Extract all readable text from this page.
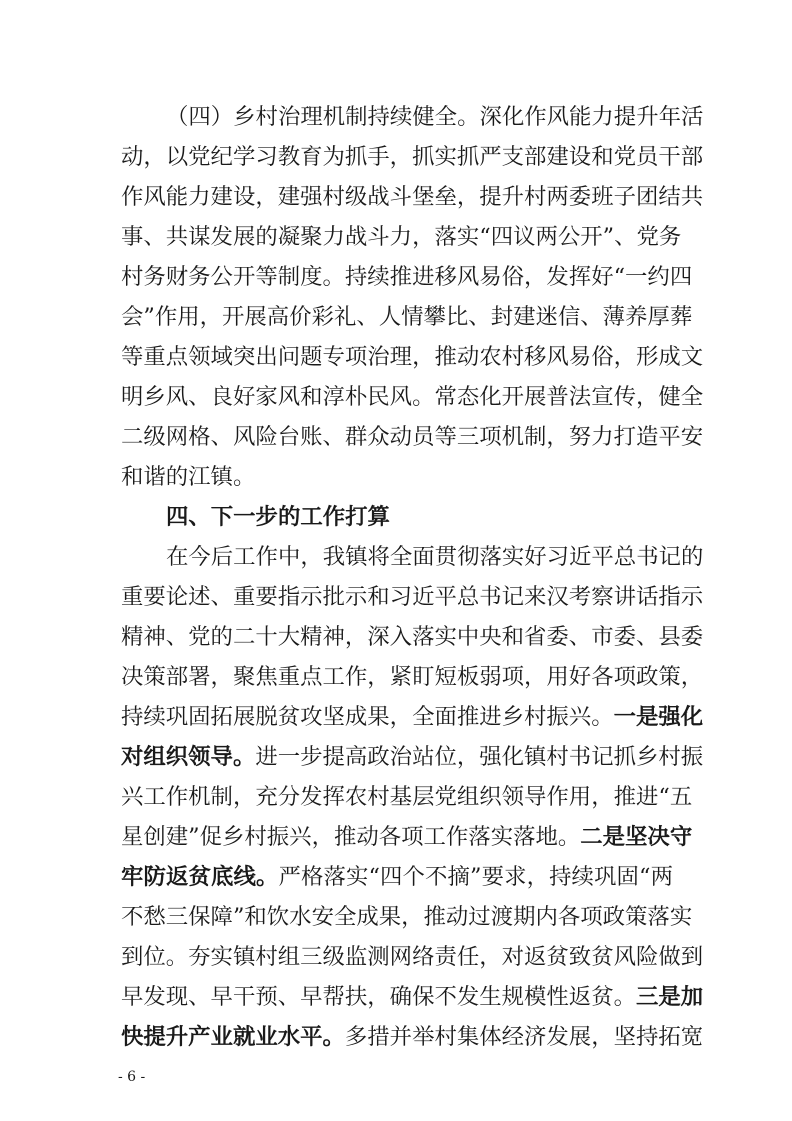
（四）乡村治理机制持续健全。深化作风能力提升年活
动，以党纪学习教育为抓手，抓实抓严支部建设和党员干部
作风能力建设，建强村级战斗堡垒，提升村两委班子团结共
事、共谋发展的凝聚力战斗力，落实“四议两公开”、党务
村务财务公开等制度。持续推进移风易俗，发挥好“一约四
会”作用，开展高价彩礼、人情攀比、封建迷信、薄养厚葬
等重点领域突出问题专项治理，推动农村移风易俗，形成文
明乡风、良好家风和淳朴民风。常态化开展普法宣传，健全
二级网格、风险台账、群众动员等三项机制，努力打造平安
和谐的江镇。
四、下一步的工作打算
在今后工作中，我镇将全面贯彻落实好习近平总书记的
重要论述、重要指示批示和习近平总书记来汉考察讲话指示
精神、党的二十大精神，深入落实中央和省委、市委、县委
决策部署，聚焦重点工作，紧盯短板弱项，用好各项政策，
持续巩固拓展脱贫攻坚成果，全面推进乡村振兴。一是强化
对组织领导。进一步提高政治站位，强化镇村书记抓乡村振
兴工作机制，充分发挥农村基层党组织领导作用，推进“五
星创建”促乡村振兴，推动各项工作落实落地。二是坚决守
牢防返贫底线。严格落实“四个不摘”要求，持续巩固“两
不愁三保障”和饮水安全成果，推动过渡期内各项政策落实
到位。夯实镇村组三级监测网络责任，对返贫致贫风险做到
早发现、早干预、早帮扶，确保不发生规模性返贫。三是加
快提升产业就业水平。多措并举村集体经济发展，坚持拓宽
- 6 -
